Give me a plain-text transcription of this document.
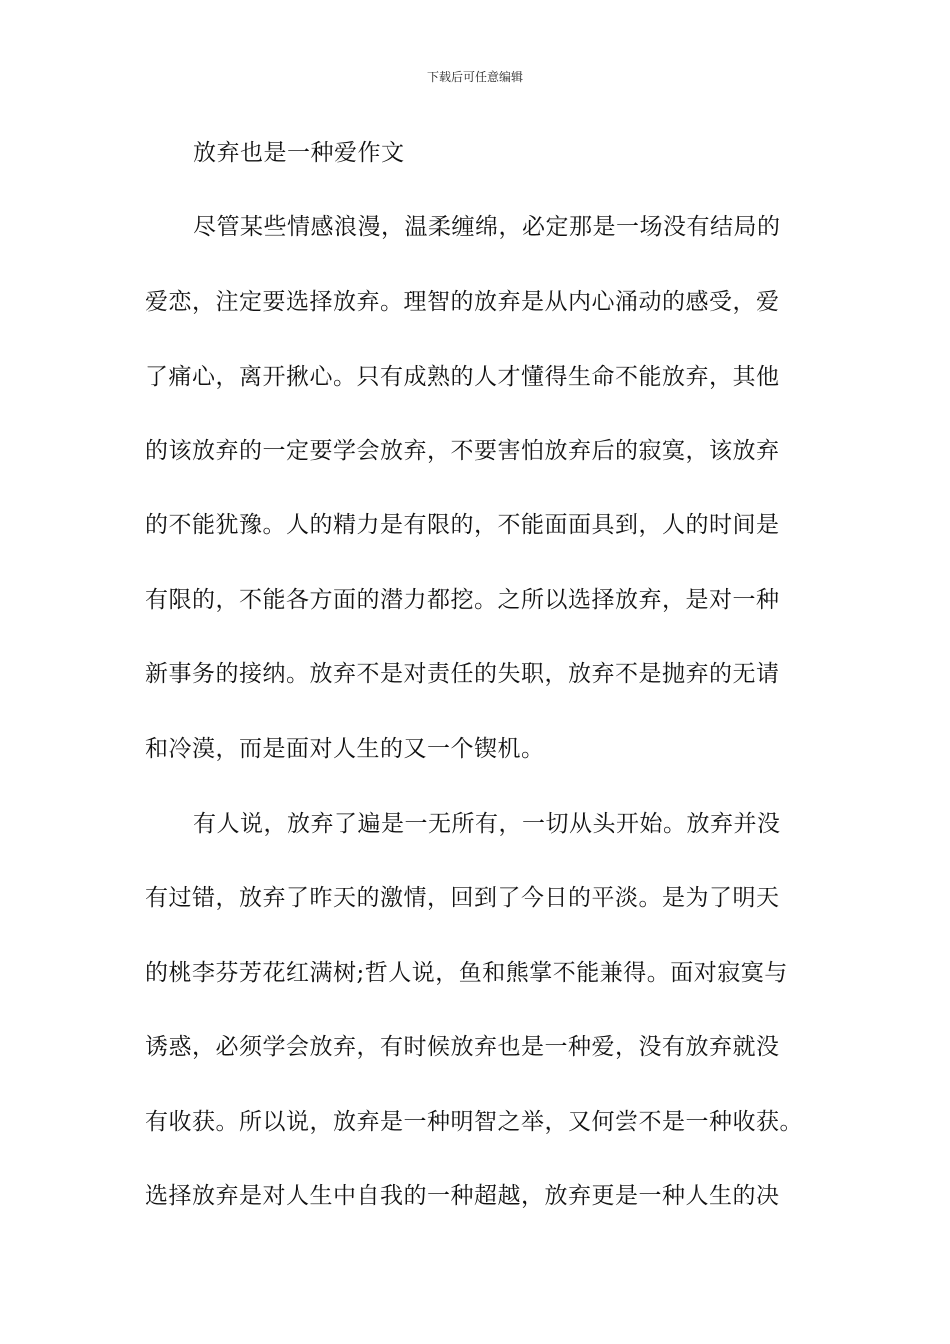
下载后可任意编辑
放弃也是一种爱作文
尽管某些情感浪漫，温柔缠绵，必定那是一场没有结局的
爱恋，注定要选择放弃。理智的放弃是从内心涌动的感受，爱
了痛心，离开揪心。只有成熟的人才懂得生命不能放弃，其他
的该放弃的一定要学会放弃，不要害怕放弃后的寂寞，该放弃
的不能犹豫。人的精力是有限的，不能面面具到，人的时间是
有限的，不能各方面的潜力都挖。之所以选择放弃，是对一种
新事务的接纳。放弃不是对责任的失职，放弃不是抛弃的无请
和冷漠，而是面对人生的又一个锲机。
有人说，放弃了遍是一无所有，一切从头开始。放弃并没
有过错，放弃了昨天的激情，回到了今日的平淡。是为了明天
的桃李芬芳花红满树;哲人说，鱼和熊掌不能兼得。面对寂寞与
诱惑，必须学会放弃，有时候放弃也是一种爱，没有放弃就没
有收获。所以说，放弃是一种明智之举，又何尝不是一种收获。
选择放弃是对人生中自我的一种超越，放弃更是一种人生的决
